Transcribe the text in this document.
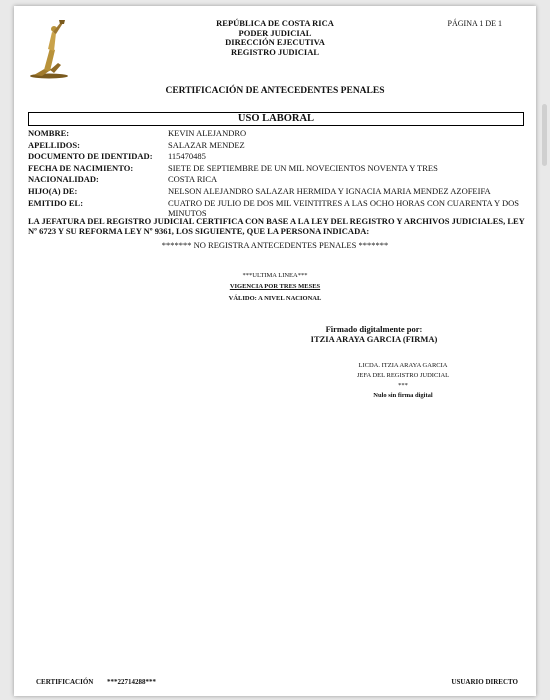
REPÚBLICA DE COSTA RICA
PODER JUDICIAL
DIRECCIÓN EJECUTIVA
REGISTRO JUDICIAL
PÁGINA 1 DE 1
CERTIFICACIÓN DE ANTECEDENTES PENALES
USO LABORAL
NOMBRE:	KEVIN ALEJANDRO
APELLIDOS:	SALAZAR MENDEZ
DOCUMENTO DE IDENTIDAD:	115470485
FECHA DE NACIMIENTO:	SIETE DE SEPTIEMBRE DE UN MIL NOVECIENTOS NOVENTA Y TRES
NACIONALIDAD:	COSTA RICA
HIJO(A) DE:	NELSON ALEJANDRO SALAZAR HERMIDA Y IGNACIA MARIA MENDEZ AZOFEIFA
EMITIDO EL:	CUATRO DE JULIO DE DOS MIL VEINTITRES A LAS OCHO HORAS CON CUARENTA Y DOS MINUTOS
LA JEFATURA DEL REGISTRO JUDICIAL CERTIFICA CON BASE A LA LEY DEL REGISTRO Y ARCHIVOS JUDICIALES, LEY Nº 6723 Y SU REFORMA LEY Nº 9361, LOS SIGUIENTE, QUE LA PERSONA INDICADA:
******* NO REGISTRA ANTECEDENTES PENALES *******
***ULTIMA LINEA***
VIGENCIA POR TRES MESES
VÁLIDO: A NIVEL NACIONAL
Firmado digitalmente por:
ITZIA ARAYA GARCIA (FIRMA)
LICDA. ITZIA ARAYA GARCIA
JEFA DEL REGISTRO JUDICIAL
***
Nulo sin firma digital
CERTIFICACIÓN ***22714288***	USUARIO DIRECTO
